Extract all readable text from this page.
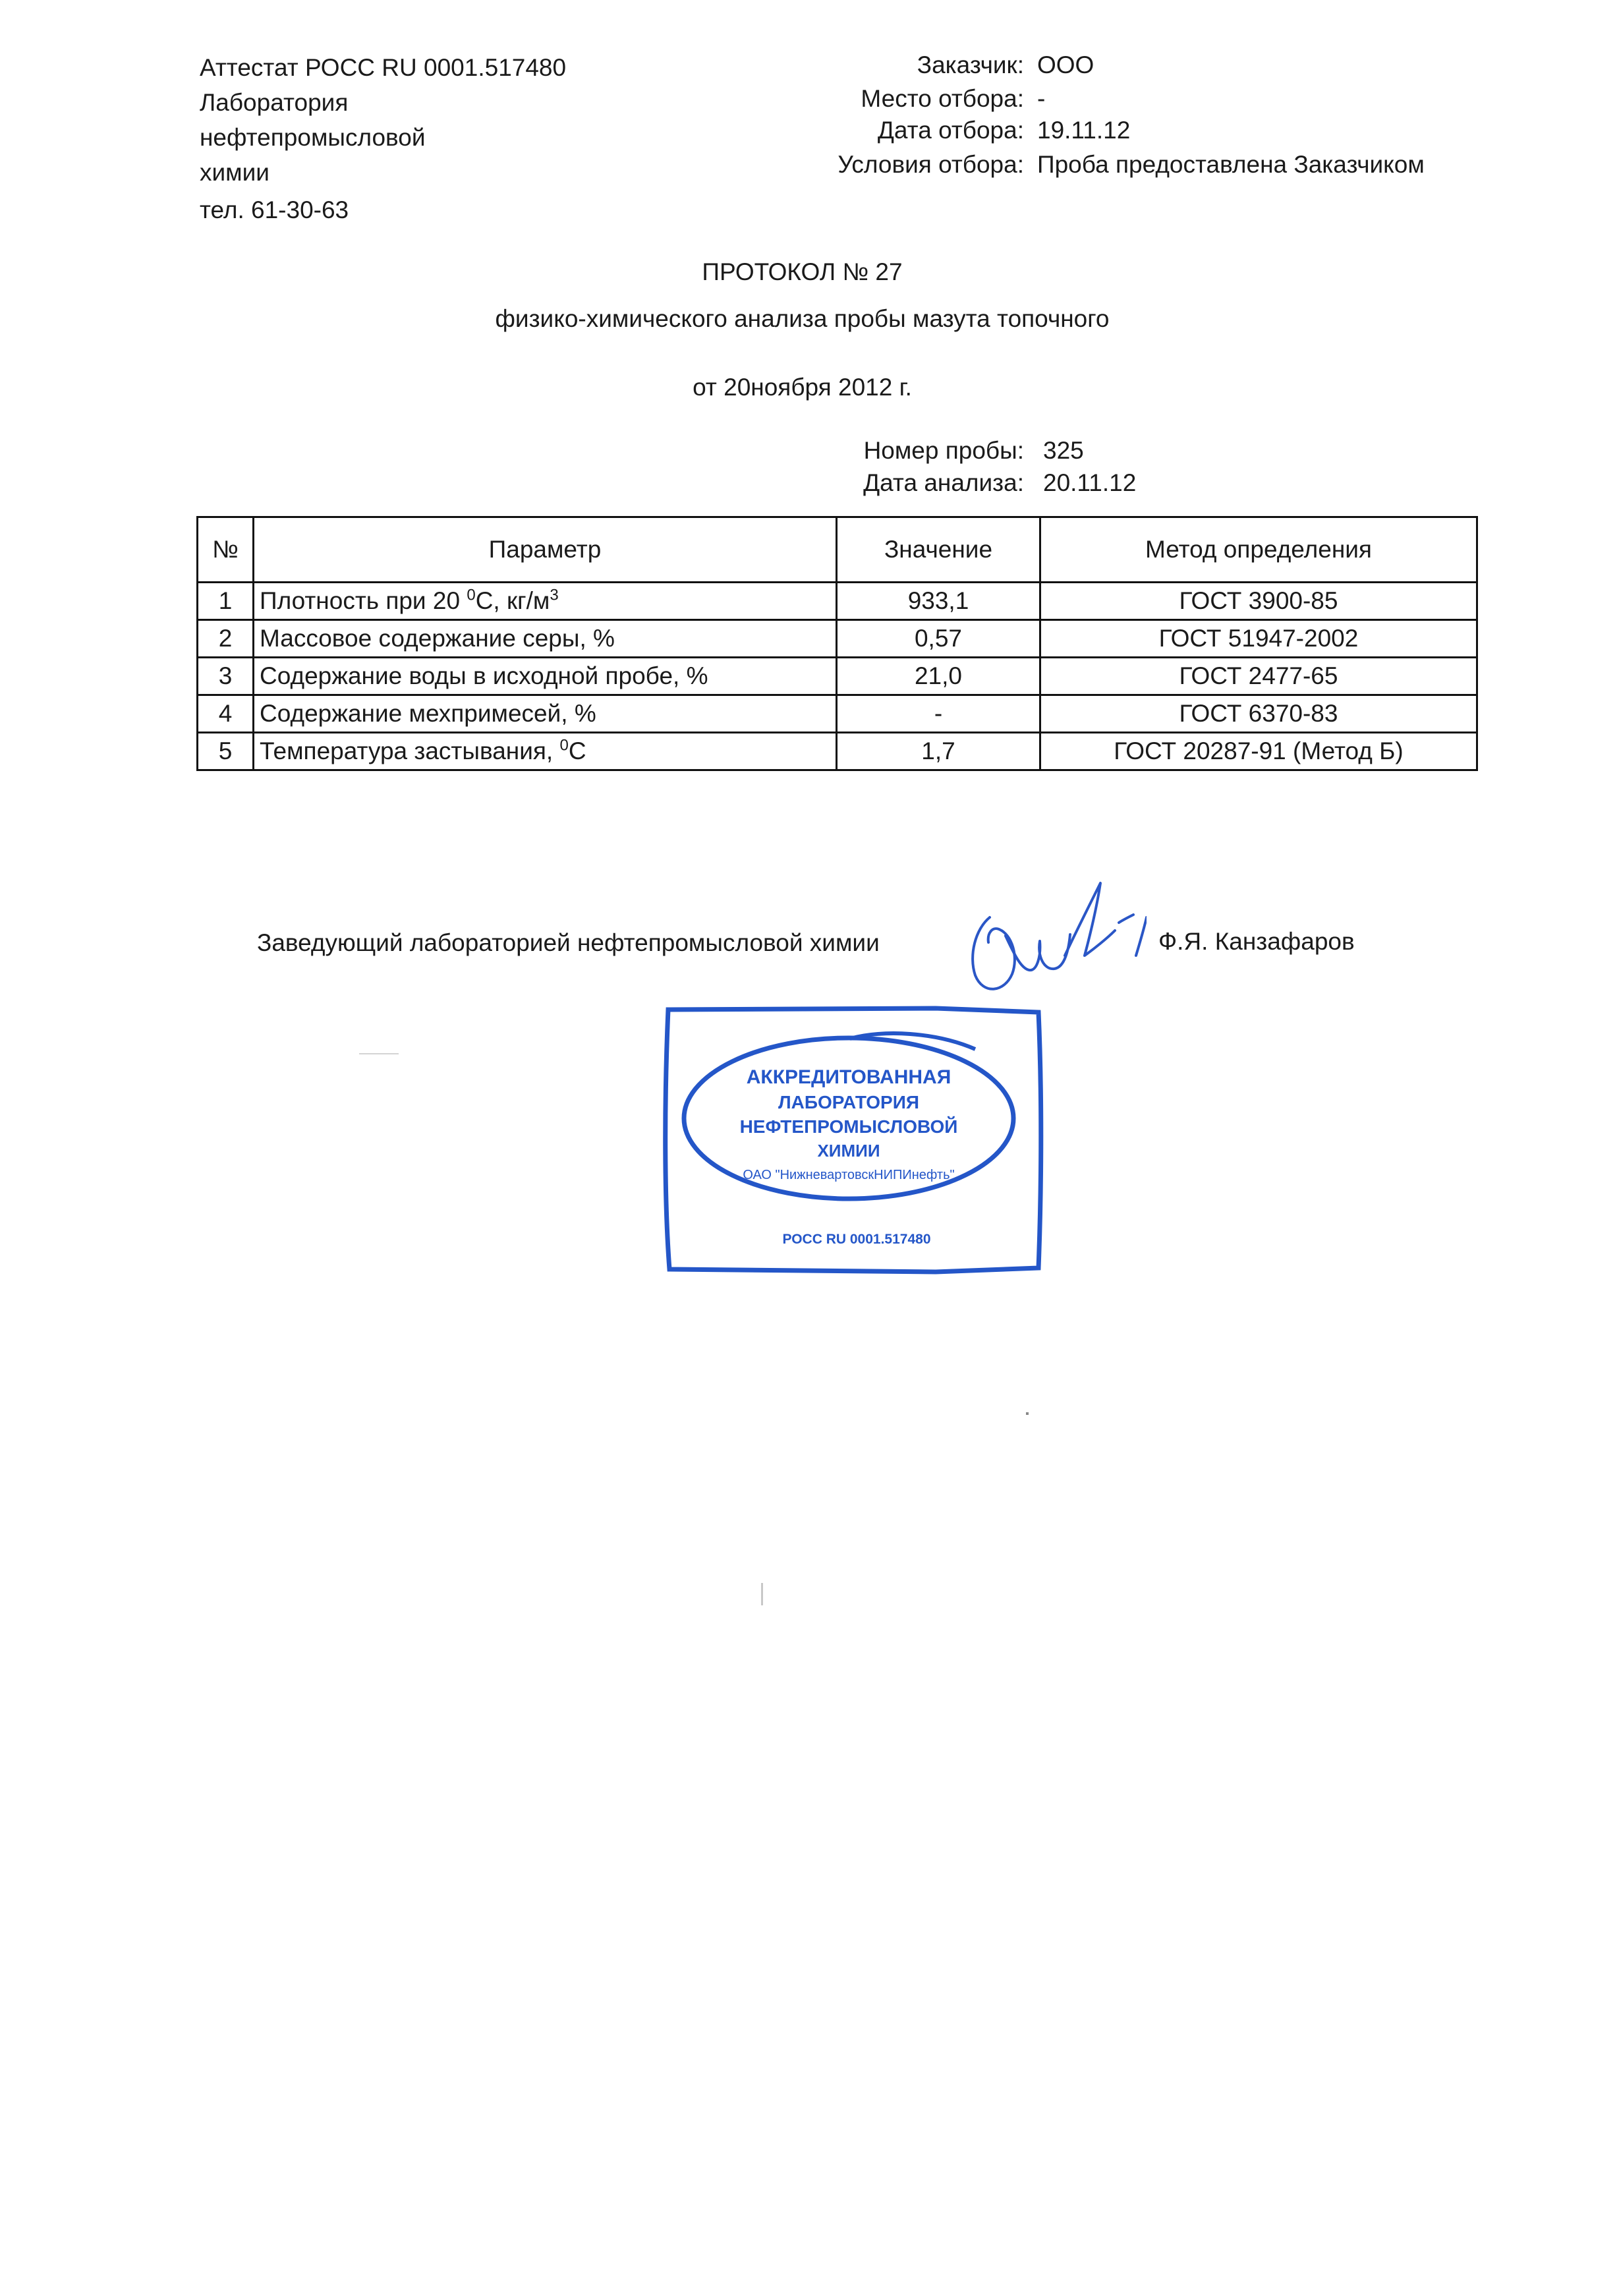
Аттестат РОСС RU 0001.517480
Лаборатория
нефтепромысловой
химии
тел. 61-30-63
Заказчик: ООО
Место отбора: -
Дата отбора: 19.11.12
Условия отбора: Проба предоставлена Заказчиком
ПРОТОКОЛ № 27
физико-химического анализа пробы мазута топочного
от 20ноября 2012 г.
Номер пробы: 325
Дата анализа: 20.11.12
№	Параметр	Значение	Метод определения
1	Плотность при 20 $^0$С, $кг/м^3$	933,1	ГОСТ 3900-85
2	Массовое содержание серы, %	0,57	ГОСТ 51947-2002
3	Содержание воды в исходной пробе, %	21,0	ГОСТ 2477-65
4	Содержание мехпримесей, %	-	ГОСТ 6370-83
5	Температура застывания, $^0$С	1,7	ГОСТ 20287-91 (Метод Б)
Заведующий лабораторией нефтепромысловой химии	Ф.Я. Канзафаров
АККРЕДИТОВАННАЯ
ЛАБОРАТОРИЯ
НЕФТЕПРОМЫСЛОВОЙ
ХИМИИ
ОАО "НижневартовскНИПИнефть"
РОСС RU 0001.517480
